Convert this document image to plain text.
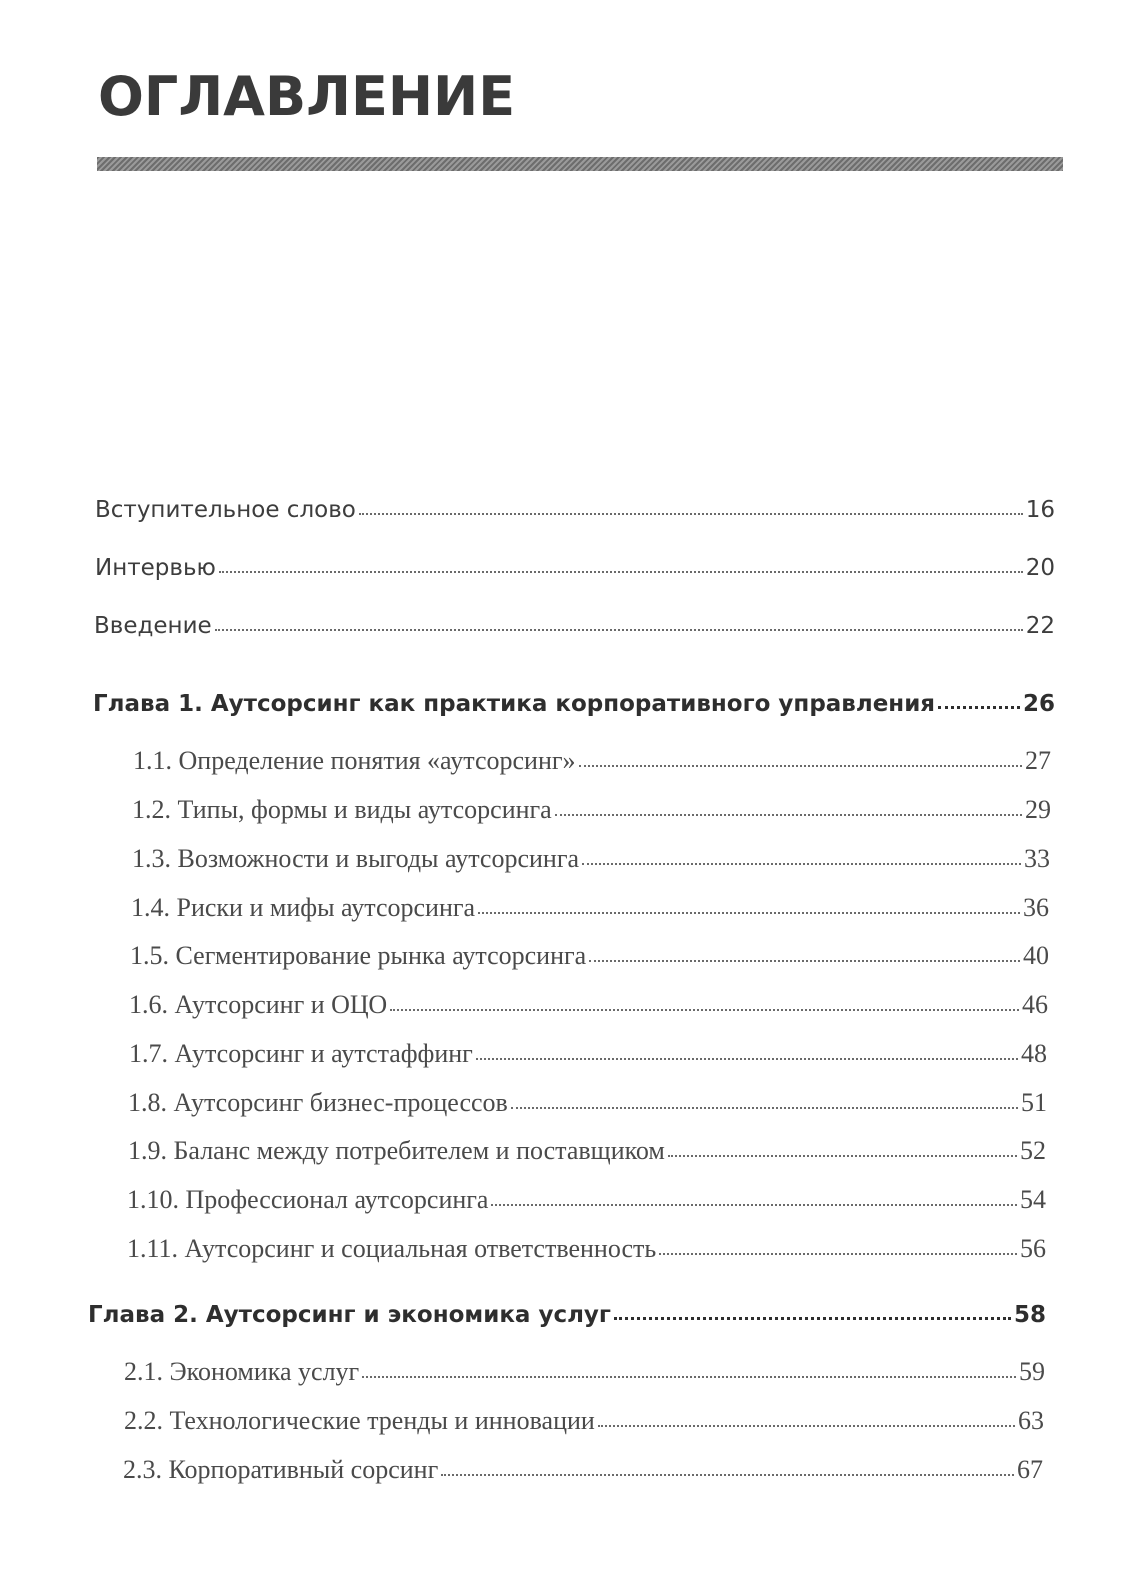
ОГЛАВЛЕНИЕ
Вступительное слово	16
Интервью	20
Введение	22
Глава 1. Аутсорсинг как практика корпоративного управления	26
1.1. Определение понятия «аутсорсинг»	27
1.2. Типы, формы и виды аутсорсинга	29
1.3. Возможности и выгоды аутсорсинга	33
1.4. Риски и мифы аутсорсинга	36
1.5. Сегментирование рынка аутсорсинга	40
1.6. Аутсорсинг и ОЦО	46
1.7. Аутсорсинг и аутстаффинг	48
1.8. Аутсорсинг бизнес-процессов	51
1.9. Баланс между потребителем и поставщиком	52
1.10. Профессионал аутсорсинга	54
1.11. Аутсорсинг и социальная ответственность	56
Глава 2. Аутсорсинг и экономика услуг	58
2.1. Экономика услуг	59
2.2. Технологические тренды и инновации	63
2.3. Корпоративный сорсинг	67
